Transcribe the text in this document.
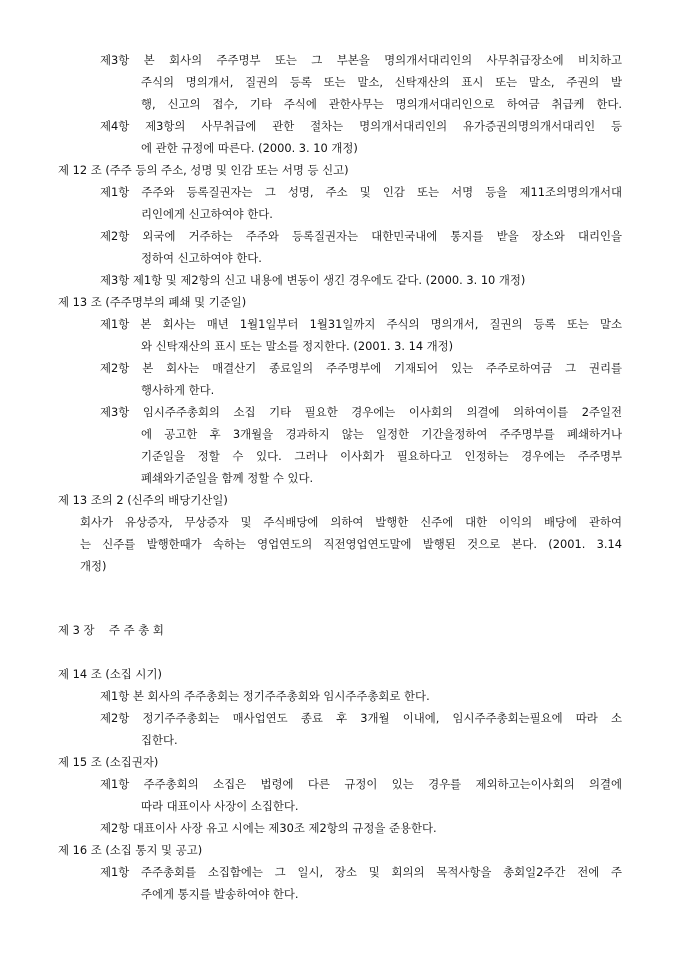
제3항 본 회사의 주주명부 또는 그 부본을 명의개서대리인의 사무취급장소에 비치하고
주식의 명의개서, 질권의 등록 또는 말소, 신탁재산의 표시 또는 말소, 주권의 발
행, 신고의 접수, 기타 주식에 관한사무는 명의개서대리인으로 하여금 취급케 한다.
제4항 제3항의 사무취급에 관한 절차는 명의개서대리인의 유가증권의명의개서대리인 등
에 관한 규정에 따른다. (2000. 3. 10 개정)
제 12 조 (주주 등의 주소, 성명 및 인감 또는 서명 등 신고)
제1항 주주와 등록질권자는 그 성명, 주소 및 인감 또는 서명 등을 제11조의명의개서대
리인에게 신고하여야 한다.
제2항 외국에 거주하는 주주와 등록질권자는 대한민국내에 통지를 받을 장소와 대리인을
정하여 신고하여야 한다.
제3항 제1항 및 제2항의 신고 내용에 변동이 생긴 경우에도 같다. (2000. 3. 10 개정)
제 13 조 (주주명부의 폐쇄 및 기준일)
제1항 본 회사는 매년 1월1일부터 1월31일까지 주식의 명의개서, 질권의 등록 또는 말소
와 신탁재산의 표시 또는 말소를 정지한다. (2001. 3. 14 개정)
제2항 본 회사는 매결산기 종료일의 주주명부에 기재되어 있는 주주로하여금 그 권리를
행사하게 한다.
제3항 임시주주총회의 소집 기타 필요한 경우에는 이사회의 의결에 의하여이를 2주일전
에 공고한 후 3개월을 경과하지 않는 일정한 기간을정하여 주주명부를 폐쇄하거나
기준일을 정할 수 있다. 그러나 이사회가 필요하다고 인정하는 경우에는 주주명부
폐쇄와기준일을 함께 정할 수 있다.
제 13 조의 2 (신주의 배당기산일)
회사가 유상증자, 무상증자 및 주식배당에 의하여 발행한 신주에 대한 이익의 배당에 관하여
는 신주를 발행한때가 속하는 영업연도의 직전영업연도말에 발행된 것으로 본다. (2001. 3.14
개정)
제 3 장    주 주 총 회
제 14 조 (소집 시기)
제1항 본 회사의 주주총회는 정기주주총회와 임시주주총회로 한다.
제2항 정기주주총회는 매사업연도 종료 후 3개월 이내에, 임시주주총회는필요에 따라 소
집한다.
제 15 조 (소집권자)
제1항 주주총회의 소집은 법령에 다른 규정이 있는 경우를 제외하고는이사회의 의결에
따라 대표이사 사장이 소집한다.
제2항 대표이사 사장 유고 시에는 제30조 제2항의 규정을 준용한다.
제 16 조 (소집 통지 및 공고)
제1항 주주총회를 소집함에는 그 일시, 장소 및 회의의 목적사항을 총회일2주간 전에 주
주에게 통지를 발송하여야 한다.
